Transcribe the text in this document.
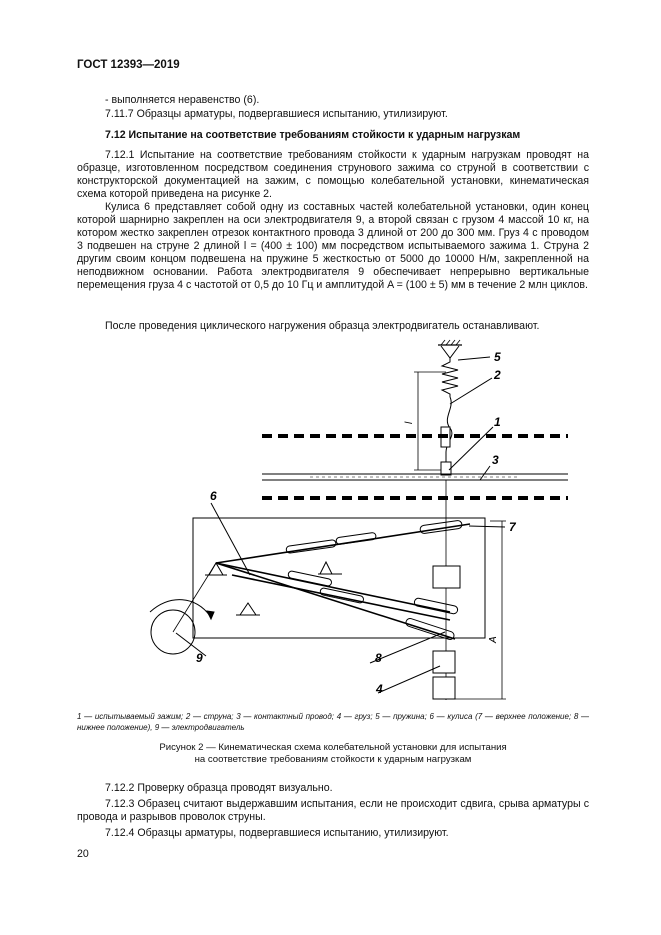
ГОСТ 12393—2019
- выполняется неравенство (6).
7.11.7 Образцы арматуры, подвергавшиеся испытанию, утилизируют.
7.12 Испытание на соответствие требованиям стойкости к ударным нагрузкам
7.12.1 Испытание на соответствие требованиям стойкости к ударным нагрузкам проводят на образце, изготовленном посредством соединения струнового зажима со струной в соответствии с конструкторской документацией на зажим, с помощью колебательной установки, кинематическая схема которой приведена на рисунке 2.
Кулиса 6 представляет собой одну из составных частей колебательной установки, один конец которой шарнирно закреплен на оси электродвигателя 9, а второй связан с грузом 4 массой 10 кг, на котором жестко закреплен отрезок контактного провода 3 длиной от 200 до 300 мм. Груз 4 с проводом 3 подвешен на струне 2 длиной l = (400 ± 100) мм посредством испытываемого зажима 1. Струна 2 другим своим концом подвешена на пружине 5 жесткостью от 5000 до 10000 Н/м, закрепленной на неподвижном основании. Работа электродвигателя 9 обеспечивает непрерывно вертикальные перемещения груза 4 с частотой от 0,5 до 10 Гц и амплитудой A = (100 ± 5) мм в течение 2 млн циклов.
После проведения циклического нагружения образца электродвигатель останавливают.
5
2
1
3
6
7
9	8
4
l
A
1 — испытываемый зажим; 2 — струна; 3 — контактный провод; 4 — груз; 5 — пружина; 6 — кулиса (7 — верхнее положение; 8 — нижнее положение), 9 — электродвигатель
Рисунок 2 — Кинематическая схема колебательной установки для испытания
на соответствие требованиям стойкости к ударным нагрузкам
7.12.2 Проверку образца проводят визуально.
7.12.3 Образец считают выдержавшим испытания, если не происходит сдвига, срыва арматуры с провода и разрывов проволок струны.
7.12.4 Образцы арматуры, подвергавшиеся испытанию, утилизируют.
20
